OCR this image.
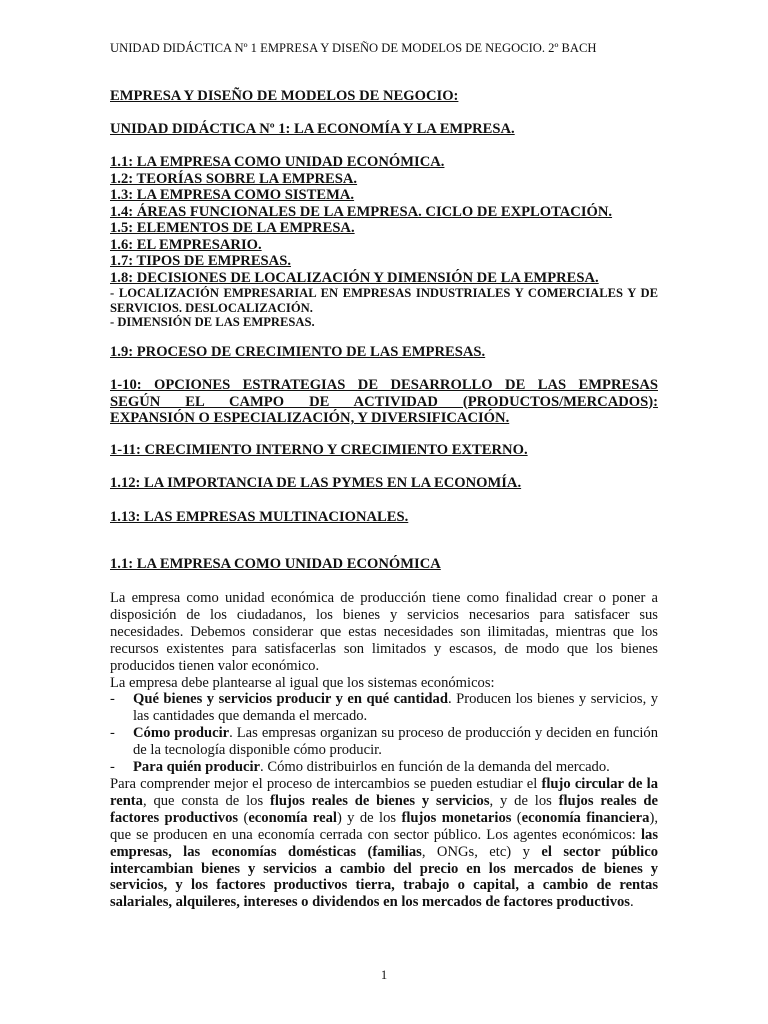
UNIDAD DIDÁCTICA Nº 1 EMPRESA Y DISEÑO DE MODELOS DE NEGOCIO. 2º BACH

EMPRESA Y DISEÑO DE MODELOS DE NEGOCIO:

UNIDAD DIDÁCTICA Nº 1: LA ECONOMÍA Y LA EMPRESA.

1.1: LA EMPRESA COMO UNIDAD ECONÓMICA.

1.2: TEORÍAS SOBRE LA EMPRESA.

1.3: LA EMPRESA COMO SISTEMA.

1.4: ÁREAS FUNCIONALES DE LA EMPRESA. CICLO DE EXPLOTACIÓN.

1.5: ELEMENTOS DE LA EMPRESA.

1.6: EL EMPRESARIO.

1.7: TIPOS DE EMPRESAS.

1.8: DECISIONES DE LOCALIZACIÓN Y DIMENSIÓN DE LA EMPRESA.

- LOCALIZACIÓN EMPRESARIAL EN EMPRESAS INDUSTRIALES Y COMERCIALES Y DE SERVICIOS. DESLOCALIZACIÓN.

- DIMENSIÓN DE LAS EMPRESAS.

1.9: PROCESO DE CRECIMIENTO DE LAS EMPRESAS.

1-10: OPCIONES ESTRATEGIAS DE DESARROLLO DE LAS EMPRESAS

SEGÚN EL CAMPO DE ACTIVIDAD (PRODUCTOS/MERCADOS):

EXPANSIÓN O ESPECIALIZACIÓN, Y DIVERSIFICACIÓN.

1-11: CRECIMIENTO INTERNO Y CRECIMIENTO EXTERNO.

1.12: LA IMPORTANCIA DE LAS PYMES EN LA ECONOMÍA.

1.13: LAS EMPRESAS MULTINACIONALES.

1.1: LA EMPRESA COMO UNIDAD ECONÓMICA

La empresa como unidad económica de producción tiene como finalidad crear o poner a disposición de los ciudadanos, los bienes y servicios necesarios para satisfacer sus necesidades. Debemos considerar que estas necesidades son ilimitadas, mientras que los recursos existentes para satisfacerlas son limitados y escasos, de modo que los bienes producidos tienen valor económico.

La empresa debe plantearse al igual que los sistemas económicos:

-	Qué bienes y servicios producir y en qué cantidad. Producen los bienes y servicios, y las cantidades que demanda el mercado.
-	Cómo producir. Las empresas organizan su proceso de producción y deciden en función de la tecnología disponible cómo producir.
-	Para quién producir. Cómo distribuirlos en función de la demanda del mercado.

Para comprender mejor el proceso de intercambios se pueden estudiar el flujo circular de la renta, que consta de los flujos reales de bienes y servicios, y de los flujos reales de factores productivos (economía real) y de los flujos monetarios (economía financiera), que se producen en una economía cerrada con sector público. Los agentes económicos: las empresas, las economías domésticas (familias, ONGs, etc) y el sector público intercambian bienes y servicios a cambio del precio en los mercados de bienes y servicios, y los factores productivos tierra, trabajo o capital, a cambio de rentas salariales, alquileres, intereses o dividendos en los mercados de factores productivos.

1
